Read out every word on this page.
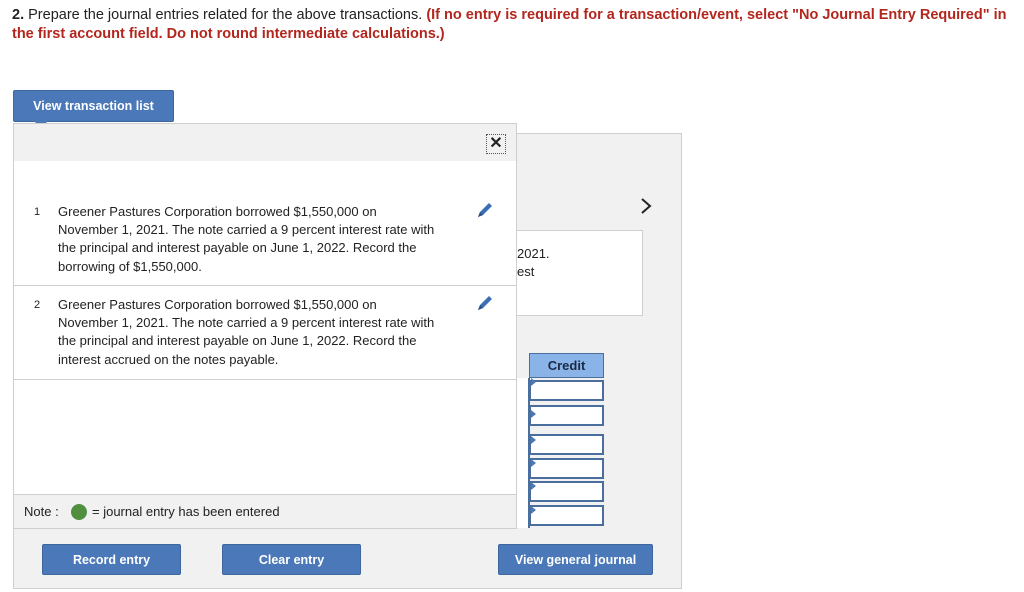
2. Prepare the journal entries related for the above transactions. (If no entry is required for a transaction/event, select "No Journal Entry Required" in the first account field. Do not round intermediate calculations.)
2021.
est
Credit
View transaction list
✕
1 Greener Pastures Corporation borrowed $1,550,000 on November 1, 2021. The note carried a 9 percent interest rate with the principal and interest payable on June 1, 2022. Record the borrowing of $1,550,000.
2 Greener Pastures Corporation borrowed $1,550,000 on November 1, 2021. The note carried a 9 percent interest rate with the principal and interest payable on June 1, 2022. Record the interest accrued on the notes payable.
Note :	= journal entry has been entered
Record entry	Clear entry	View general journal
